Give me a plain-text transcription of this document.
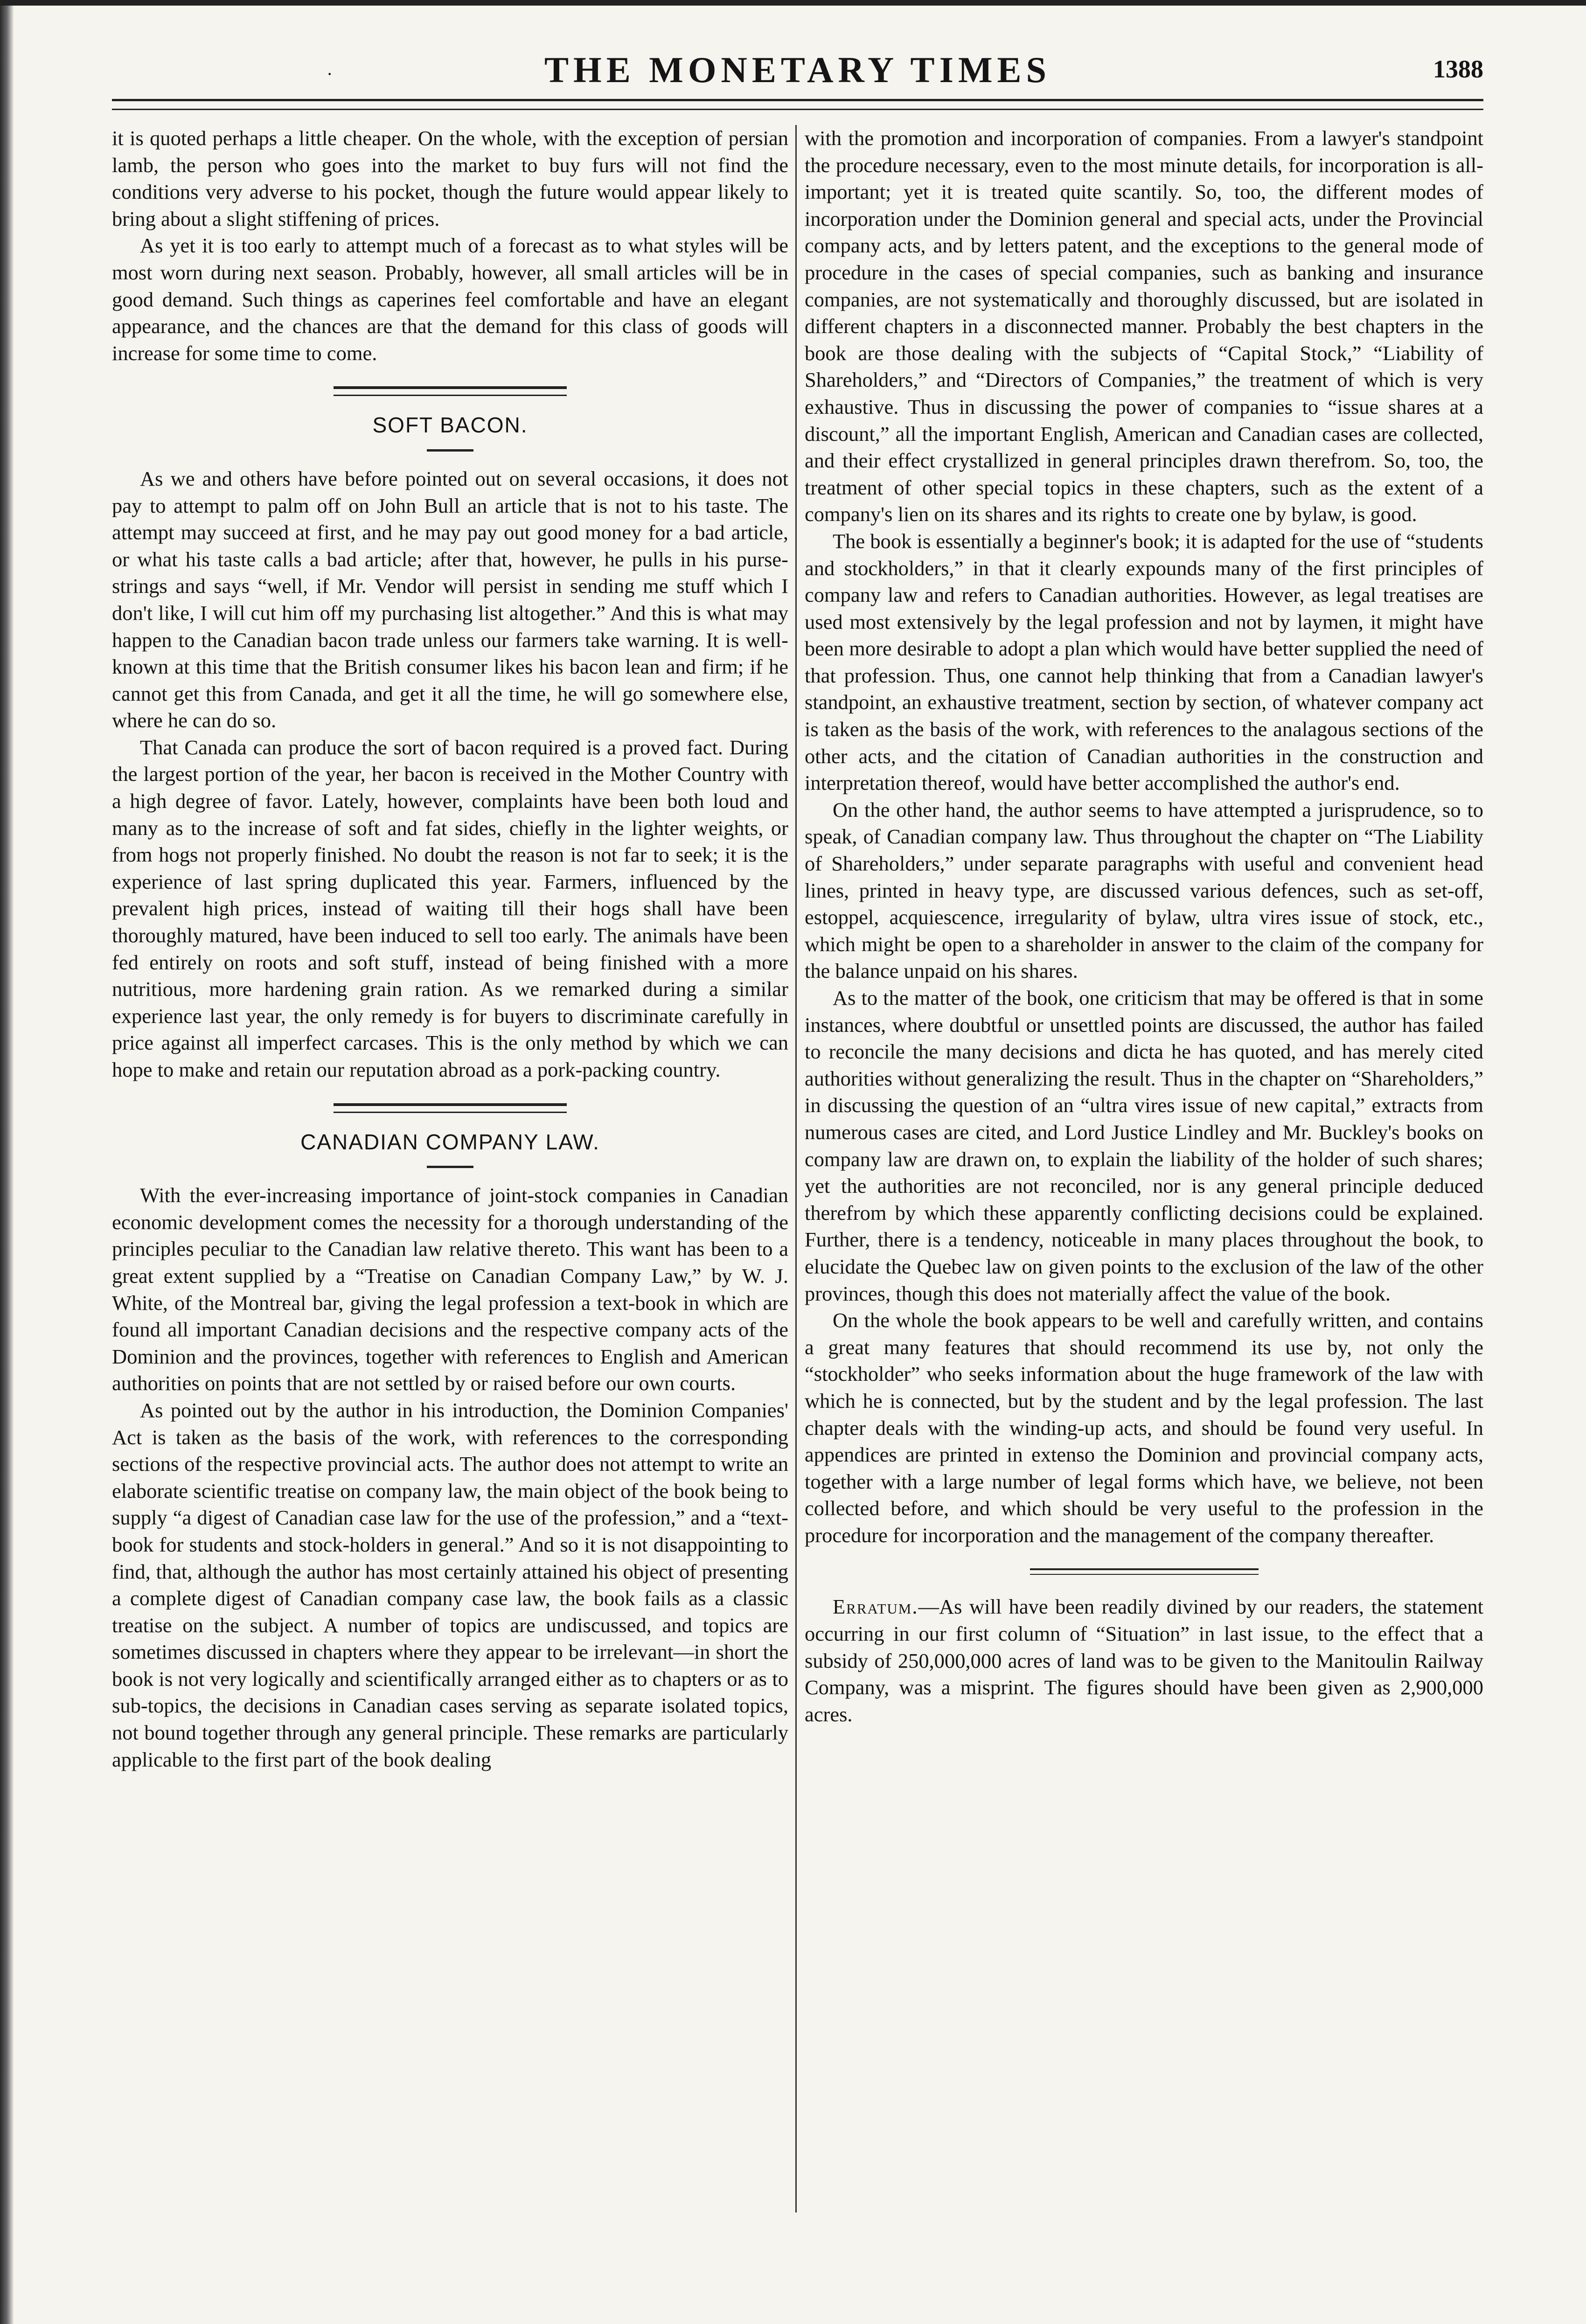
·	THE MONETARY TIMES	1388

it is quoted perhaps a little cheaper. On the whole, with the exception of persian lamb, the person who goes into the market to buy furs will not find the conditions very adverse to his pocket, though the future would appear likely to bring about a slight stiffening of prices.

As yet it is too early to attempt much of a forecast as to what styles will be most worn during next season. Probably, however, all small articles will be in good demand. Such things as caperines feel comfortable and have an elegant appearance, and the chances are that the demand for this class of goods will increase for some time to come.

SOFT BACON.

As we and others have before pointed out on several occasions, it does not pay to attempt to palm off on John Bull an article that is not to his taste. The attempt may succeed at first, and he may pay out good money for a bad article, or what his taste calls a bad article; after that, however, he pulls in his purse-strings and says “well, if Mr. Vendor will persist in sending me stuff which I don't like, I will cut him off my purchasing list altogether.” And this is what may happen to the Canadian bacon trade unless our farmers take warning. It is well-known at this time that the British consumer likes his bacon lean and firm; if he cannot get this from Canada, and get it all the time, he will go somewhere else, where he can do so.

That Canada can produce the sort of bacon required is a proved fact. During the largest portion of the year, her bacon is received in the Mother Country with a high degree of favor. Lately, however, complaints have been both loud and many as to the increase of soft and fat sides, chiefly in the lighter weights, or from hogs not properly finished. No doubt the reason is not far to seek; it is the experience of last spring duplicated this year. Farmers, influenced by the prevalent high prices, instead of waiting till their hogs shall have been thoroughly matured, have been induced to sell too early. The animals have been fed entirely on roots and soft stuff, instead of being finished with a more nutritious, more hardening grain ration. As we remarked during a similar experience last year, the only remedy is for buyers to discriminate carefully in price against all imperfect carcases. This is the only method by which we can hope to make and retain our reputation abroad as a pork-packing country.

CANADIAN COMPANY LAW.

With the ever-increasing importance of joint-stock companies in Canadian economic development comes the necessity for a thorough understanding of the principles peculiar to the Canadian law relative thereto. This want has been to a great extent supplied by a “Treatise on Canadian Company Law,” by W. J. White, of the Montreal bar, giving the legal profession a text-book in which are found all important Canadian decisions and the respective company acts of the Dominion and the provinces, together with references to English and American authorities on points that are not settled by or raised before our own courts.

As pointed out by the author in his introduction, the Dominion Companies' Act is taken as the basis of the work, with references to the corresponding sections of the respective provincial acts. The author does not attempt to write an elaborate scientific treatise on company law, the main object of the book being to supply “a digest of Canadian case law for the use of the profession,” and a “text-book for students and stock-holders in general.” And so it is not disappointing to find, that, although the author has most certainly attained his object of presenting a complete digest of Canadian company case law, the book fails as a classic treatise on the subject. A number of topics are undiscussed, and topics are sometimes discussed in chapters where they appear to be irrelevant—in short the book is not very logically and scientifically arranged either as to chapters or as to sub-topics, the decisions in Canadian cases serving as separate isolated topics, not bound together through any general principle. These remarks are particularly applicable to the first part of the book dealing

with the promotion and incorporation of companies. From a lawyer's standpoint the procedure necessary, even to the most minute details, for incorporation is all-important; yet it is treated quite scantily. So, too, the different modes of incorporation under the Dominion general and special acts, under the Provincial company acts, and by letters patent, and the exceptions to the general mode of procedure in the cases of special companies, such as banking and insurance companies, are not systematically and thoroughly discussed, but are isolated in different chapters in a disconnected manner. Probably the best chapters in the book are those dealing with the subjects of “Capital Stock,” “Liability of Shareholders,” and “Directors of Companies,” the treatment of which is very exhaustive. Thus in discussing the power of companies to “issue shares at a discount,” all the important English, American and Canadian cases are collected, and their effect crystallized in general principles drawn therefrom. So, too, the treatment of other special topics in these chapters, such as the extent of a company's lien on its shares and its rights to create one by bylaw, is good.

The book is essentially a beginner's book; it is adapted for the use of “students and stockholders,” in that it clearly expounds many of the first principles of company law and refers to Canadian authorities. However, as legal treatises are used most extensively by the legal profession and not by laymen, it might have been more desirable to adopt a plan which would have better supplied the need of that profession. Thus, one cannot help thinking that from a Canadian lawyer's standpoint, an exhaustive treatment, section by section, of whatever company act is taken as the basis of the work, with references to the analagous sections of the other acts, and the citation of Canadian authorities in the construction and interpretation thereof, would have better accomplished the author's end.

On the other hand, the author seems to have attempted a jurisprudence, so to speak, of Canadian company law. Thus throughout the chapter on “The Liability of Shareholders,” under separate paragraphs with useful and convenient head lines, printed in heavy type, are discussed various defences, such as set-off, estoppel, acquiescence, irregularity of bylaw, ultra vires issue of stock, etc., which might be open to a shareholder in answer to the claim of the company for the balance unpaid on his shares.

As to the matter of the book, one criticism that may be offered is that in some instances, where doubtful or unsettled points are discussed, the author has failed to reconcile the many decisions and dicta he has quoted, and has merely cited authorities without generalizing the result. Thus in the chapter on “Shareholders,” in discussing the question of an “ultra vires issue of new capital,” extracts from numerous cases are cited, and Lord Justice Lindley and Mr. Buckley's books on company law are drawn on, to explain the liability of the holder of such shares; yet the authorities are not reconciled, nor is any general principle deduced therefrom by which these apparently conflicting decisions could be explained. Further, there is a tendency, noticeable in many places throughout the book, to elucidate the Quebec law on given points to the exclusion of the law of the other provinces, though this does not materially affect the value of the book.

On the whole the book appears to be well and carefully written, and contains a great many features that should recommend its use by, not only the “stockholder” who seeks information about the huge framework of the law with which he is connected, but by the student and by the legal profession. The last chapter deals with the winding-up acts, and should be found very useful. In appendices are printed in extenso the Dominion and provincial company acts, together with a large number of legal forms which have, we believe, not been collected before, and which should be very useful to the profession in the procedure for incorporation and the management of the company thereafter.

Erratum.—As will have been readily divined by our readers, the statement occurring in our first column of “Situation” in last issue, to the effect that a subsidy of 250,000,000 acres of land was to be given to the Manitoulin Railway Company, was a misprint. The figures should have been given as 2,900,000 acres.
